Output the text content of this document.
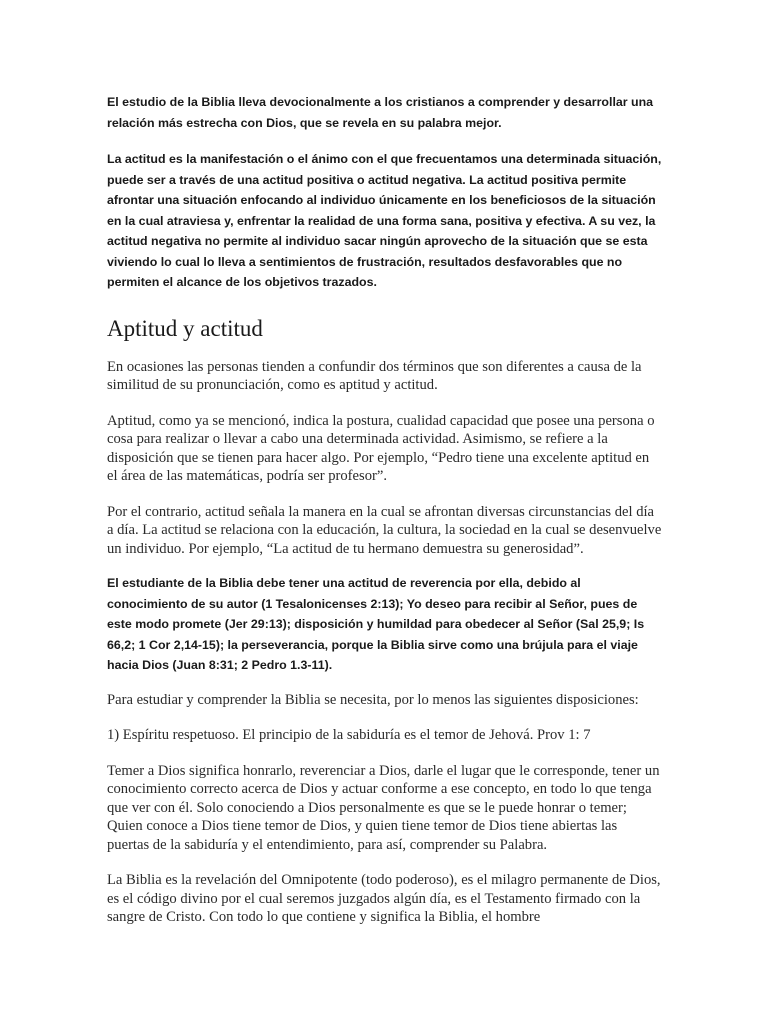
El estudio de la Biblia lleva devocionalmente a los cristianos a comprender y desarrollar una relación más estrecha con Dios, que se revela en su palabra mejor.

La actitud es la manifestación o el ánimo con el que frecuentamos una determinada situación, puede ser a través de una actitud positiva o actitud negativa. La actitud positiva permite afrontar una situación enfocando al individuo únicamente en los beneficiosos de la situación en la cual atraviesa y, enfrentar la realidad de una forma sana, positiva y efectiva. A su vez, la actitud negativa no permite al individuo sacar ningún aprovecho de la situación que se esta viviendo lo cual lo lleva a sentimientos de frustración, resultados desfavorables que no permiten el alcance de los objetivos trazados.

Aptitud y actitud

En ocasiones las personas tienden a confundir dos términos que son diferentes a causa de la similitud de su pronunciación, como es aptitud y actitud.

Aptitud, como ya se mencionó, indica la postura, cualidad capacidad que posee una persona o cosa para realizar o llevar a cabo una determinada actividad. Asimismo, se refiere a la disposición que se tienen para hacer algo. Por ejemplo, “Pedro tiene una excelente aptitud en el área de las matemáticas, podría ser profesor”.

Por el contrario, actitud señala la manera en la cual se afrontan diversas circunstancias del día a día. La actitud se relaciona con la educación, la cultura, la sociedad en la cual se desenvuelve un individuo. Por ejemplo, “La actitud de tu hermano demuestra su generosidad”.

El estudiante de la Biblia debe tener una actitud de reverencia por ella, debido al conocimiento de su autor (1 Tesalonicenses 2:13); Yo deseo para recibir al Señor, pues de este modo promete (Jer 29:13); disposición y humildad para obedecer al Señor (Sal 25,9; Is 66,2; 1 Cor 2,14-15); la perseverancia, porque la Biblia sirve como una brújula para el viaje hacia Dios (Juan 8:31; 2 Pedro 1.3-11).

Para estudiar y comprender la Biblia se necesita, por lo menos las siguientes disposiciones:

1) Espíritu respetuoso. El principio de la sabiduría es el temor de Jehová. Prov 1: 7

Temer a Dios significa honrarlo, reverenciar a Dios, darle el lugar que le corresponde, tener un conocimiento correcto acerca de Dios y actuar conforme a ese concepto, en todo lo que tenga que ver con él. Solo conociendo a Dios personalmente es que se le puede honrar o temer; Quien conoce a Dios tiene temor de Dios, y quien tiene temor de Dios tiene abiertas las puertas de la sabiduría y el entendimiento, para así, comprender su Palabra.

La Biblia es la revelación del Omnipotente (todo poderoso), es el milagro permanente de Dios, es el código divino por el cual seremos juzgados algún día, es el Testamento firmado con la sangre de Cristo. Con todo lo que contiene y significa la Biblia, el hombre
